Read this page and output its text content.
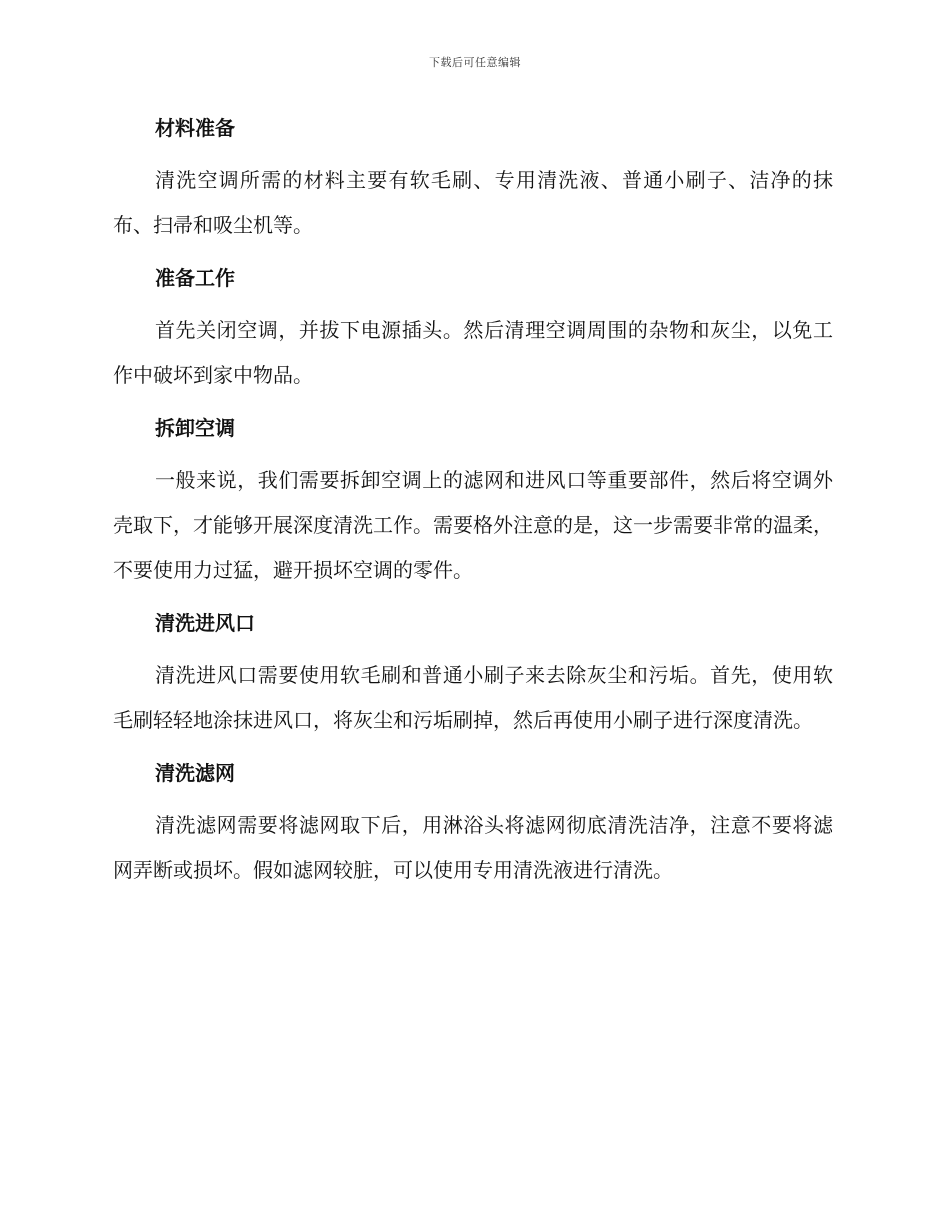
下载后可任意编辑
材料准备

清洗空调所需的材料主要有软毛刷、专用清洗液、普通小刷子、洁净的抹布、扫帚和吸尘机等。

准备工作

首先关闭空调，并拔下电源插头。然后清理空调周围的杂物和灰尘，以免工作中破坏到家中物品。

拆卸空调

一般来说，我们需要拆卸空调上的滤网和进风口等重要部件，然后将空调外壳取下，才能够开展深度清洗工作。需要格外注意的是，这一步需要非常的温柔，不要使用力过猛，避开损坏空调的零件。

清洗进风口

清洗进风口需要使用软毛刷和普通小刷子来去除灰尘和污垢。首先，使用软毛刷轻轻地涂抹进风口，将灰尘和污垢刷掉，然后再使用小刷子进行深度清洗。

清洗滤网

清洗滤网需要将滤网取下后，用淋浴头将滤网彻底清洗洁净，注意不要将滤网弄断或损坏。假如滤网较脏，可以使用专用清洗液进行清洗。
